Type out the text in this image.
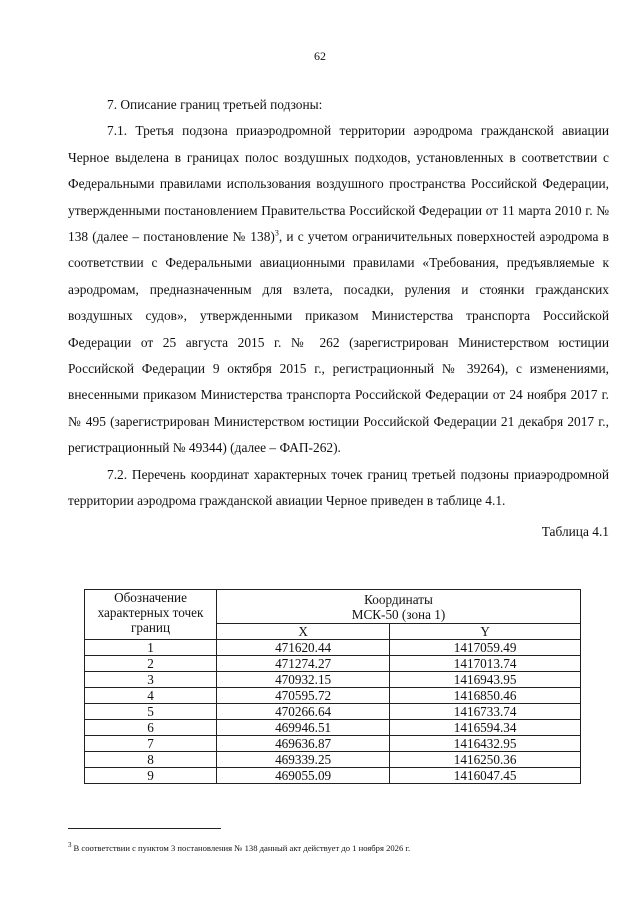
62

7. Описание границ третьей подзоны:

7.1. Третья подзона приаэродромной территории аэродрома гражданской авиации Черное выделена в границах полос воздушных подходов, установленных в соответствии с Федеральными правилами использования воздушного пространства Российской Федерации, утвержденными постановлением Правительства Российской Федерации от 11 марта 2010 г. № 138 (далее – постановление № 138)$^3$, и с учетом ограничительных поверхностей аэродрома в соответствии с Федеральными авиационными правилами «Требования, предъявляемые к аэродромам, предназначенным для взлета, посадки, руления и стоянки гражданских воздушных судов», утвержденными приказом Министерства транспорта Российской Федерации от 25 августа 2015 г. № 262 (зарегистрирован Министерством юстиции Российской Федерации 9 октября 2015 г., регистрационный № 39264), с изменениями, внесенными приказом Министерства транспорта Российской Федерации от 24 ноября 2017 г. № 495 (зарегистрирован Министерством юстиции Российской Федерации 21 декабря 2017 г., регистрационный № 49344) (далее – ФАП-262).

7.2. Перечень координат характерных точек границ третьей подзоны приаэродромной территории аэродрома гражданской авиации Черное приведен в таблице 4.1.

Таблица 4.1

Обозначение характерных точек границ	Координаты
МСК-50 (зона 1)	

	X	Y
1	471620.44	1417059.49
2	471274.27	1417013.74
3	470932.15	1416943.95
4	470595.72	1416850.46
5	470266.64	1416733.74
6	469946.51	1416594.34
7	469636.87	1416432.95
8	469339.25	1416250.36
9	469055.09	1416047.45
$^3$ В соответствии с пунктом 3 постановления № 138 данный акт действует до 1 ноября 2026 г.
